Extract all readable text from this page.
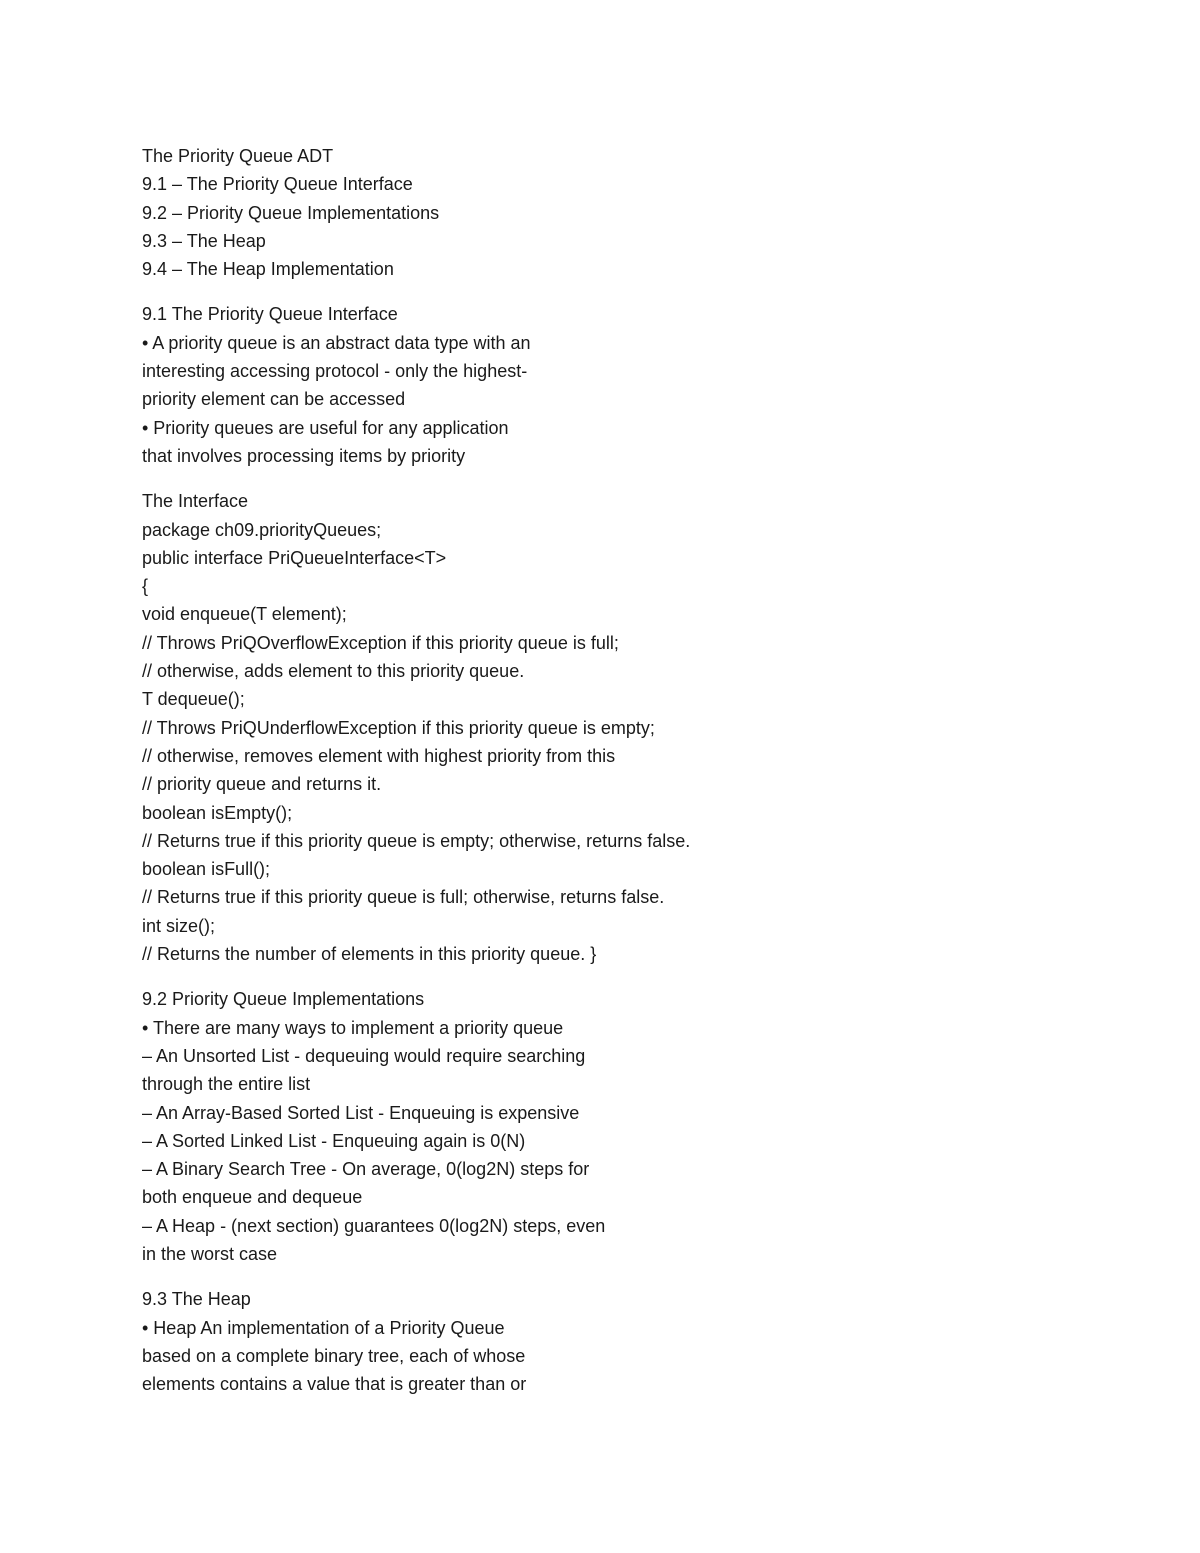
The Priority Queue ADT
9.1 – The Priority Queue Interface
9.2 – Priority Queue Implementations
9.3 – The Heap
9.4 – The Heap Implementation
9.1 The Priority Queue Interface
• A priority queue is an abstract data type with an
interesting accessing protocol - only the highest-
priority element can be accessed
• Priority queues are useful for any application
that involves processing items by priority
The Interface
package ch09.priorityQueues;
public interface PriQueueInterface<T>
{
void enqueue(T element);
// Throws PriQOverflowException if this priority queue is full;
// otherwise, adds element to this priority queue.
T dequeue();
// Throws PriQUnderflowException if this priority queue is empty;
// otherwise, removes element with highest priority from this
// priority queue and returns it.
boolean isEmpty();
// Returns true if this priority queue is empty; otherwise, returns false.
boolean isFull();
// Returns true if this priority queue is full; otherwise, returns false.
int size();
// Returns the number of elements in this priority queue. }
9.2 Priority Queue Implementations
• There are many ways to implement a priority queue
– An Unsorted List - dequeuing would require searching
through the entire list
– An Array-Based Sorted List - Enqueuing is expensive
– A Sorted Linked List - Enqueuing again is 0(N)
– A Binary Search Tree - On average, 0(log2N) steps for
both enqueue and dequeue
– A Heap - (next section) guarantees 0(log2N) steps, even
in the worst case
9.3 The Heap
• Heap An implementation of a Priority Queue
based on a complete binary tree, each of whose
elements contains a value that is greater than or
